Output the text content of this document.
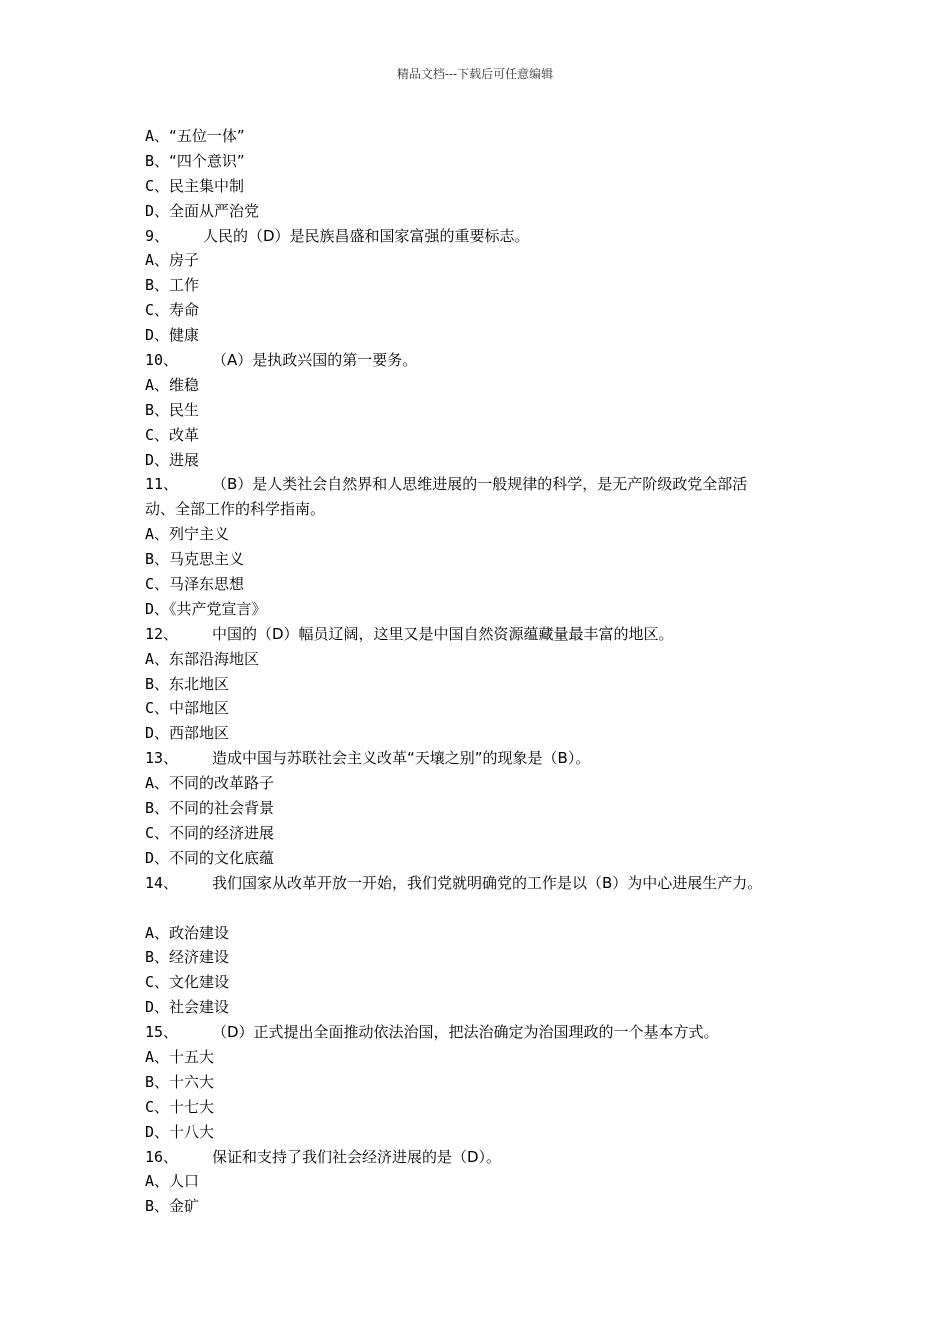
精品文档---下载后可任意编辑
A、“五位一体”
B、“四个意识”
C、民主集中制
D、全面从严治党
9、 人民的（D）是民族昌盛和国家富强的重要标志。
A、房子
B、工作
C、寿命
D、健康
10、 （A）是执政兴国的第一要务。
A、维稳
B、民生
C、改革
D、进展
11、 （B）是人类社会自然界和人思维进展的一般规律的科学，是无产阶级政党全部活
动、全部工作的科学指南。
A、列宁主义
B、马克思主义
C、马泽东思想
D、《共产党宣言》
12、 中国的（D）幅员辽阔，这里又是中国自然资源蕴藏量最丰富的地区。
A、东部沿海地区
B、东北地区
C、中部地区
D、西部地区
13、 造成中国与苏联社会主义改革“天壤之别”的现象是（B）。
A、不同的改革路子
B、不同的社会背景
C、不同的经济进展
D、不同的文化底蕴
14、 我们国家从改革开放一开始，我们党就明确党的工作是以（B）为中心进展生产力。
A、政治建设
B、经济建设
C、文化建设
D、社会建设
15、 （D）正式提出全面推动依法治国，把法治确定为治国理政的一个基本方式。
A、十五大
B、十六大
C、十七大
D、十八大
16、 保证和支持了我们社会经济进展的是（D）。
A、人口
B、金矿
